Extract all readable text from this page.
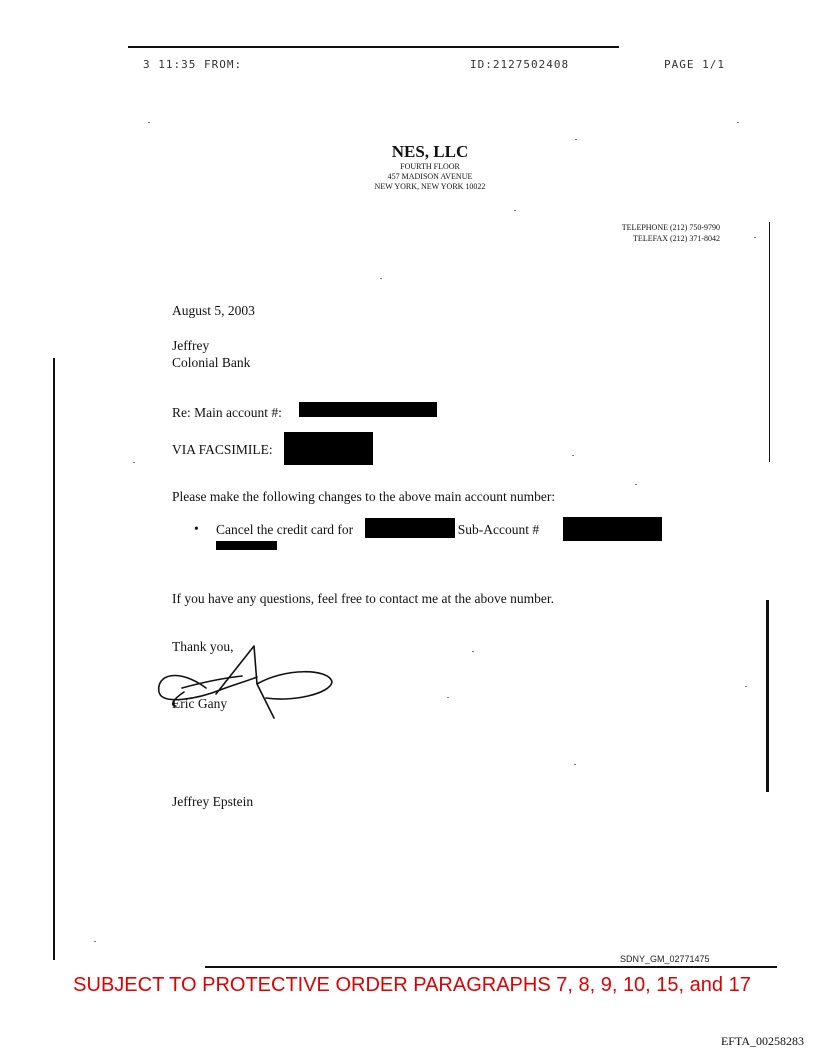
3 11:35 FROM:	ID:2127502408	PAGE 1/1
NES, LLC
FOURTH FLOOR
457 MADISON AVENUE
NEW YORK, NEW YORK 10022
TELEPHONE (212) 750-9790
TELEFAX (212) 371-8042
August 5, 2003
Jeffrey
Colonial Bank
Re: Main account #:
VIA FACSIMILE:
Please make the following changes to the above main account number:
• Cancel the credit card for	, Sub-Account #
If you have any questions, feel free to contact me at the above number.
Thank you,
Eric Gany
Jeffrey Epstein
SDNY_GM_02771475
SUBJECT TO PROTECTIVE ORDER PARAGRAPHS 7, 8, 9, 10, 15, and 17
EFTA_00258283
